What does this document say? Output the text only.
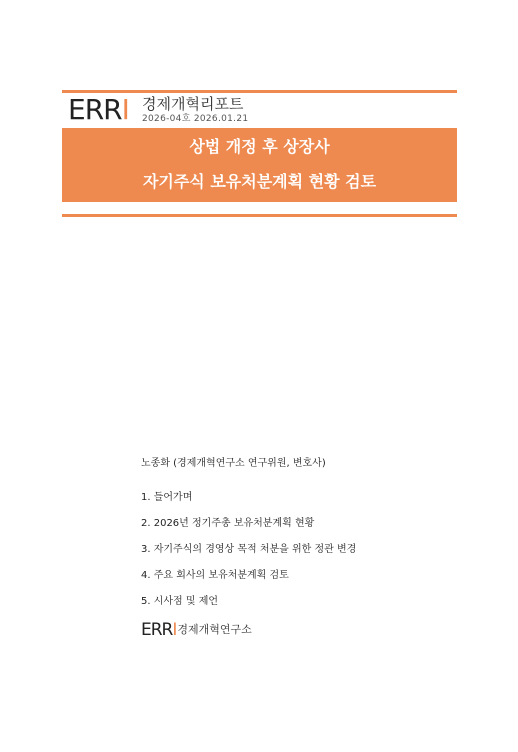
ERRI 경제개혁리포트
2026-04호 2026.01.21
상법 개정 후 상장사
자기주식 보유처분계획 현황 검토
노종화 (경제개혁연구소 연구위원, 변호사)
1. 들어가며
2. 2026년 정기주총 보유처분계획 현황
3. 자기주식의 경영상 목적 처분을 위한 정관 변경
4. 주요 회사의 보유처분계획 검토
5. 시사점 및 제언
ERRI경제개혁연구소
